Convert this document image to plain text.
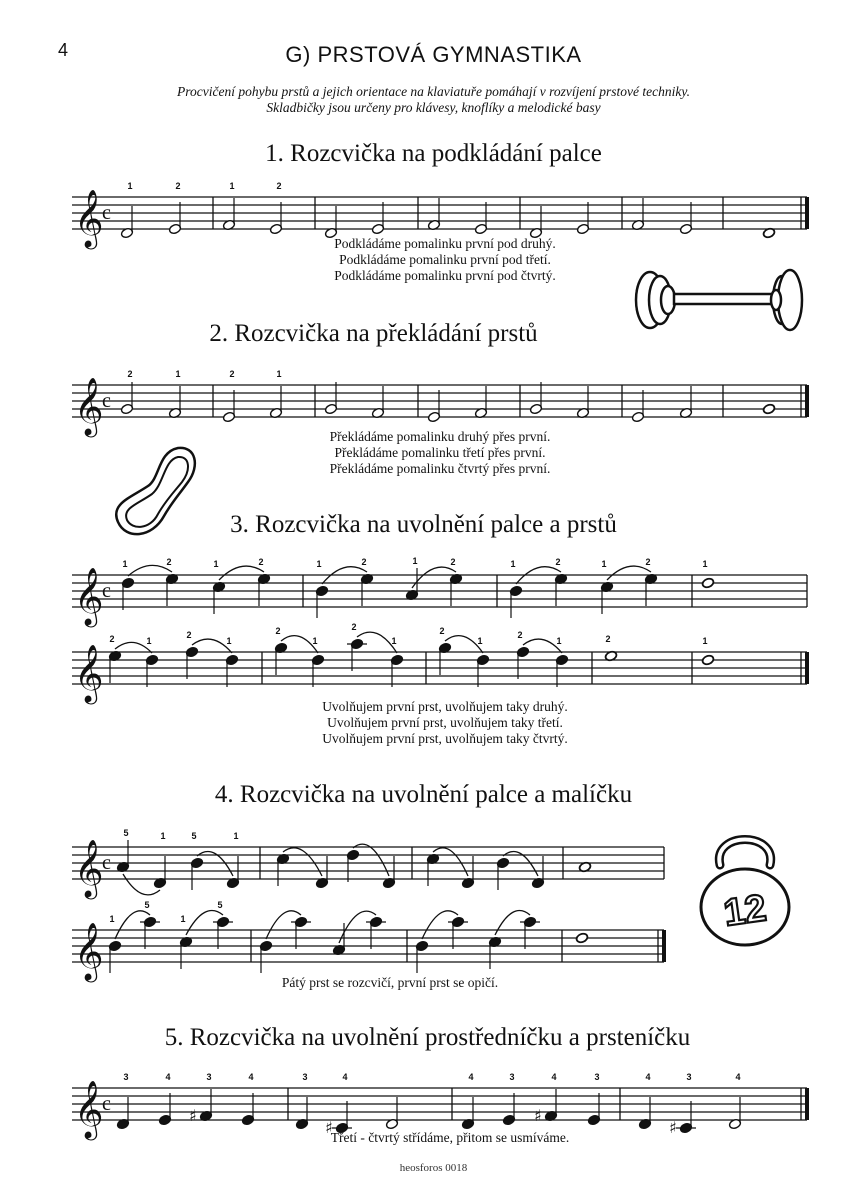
4	G) PRSTOVÁ GYMNASTIKA
Procvičení pohybu prstů a jejich orientace na klaviatuře pomáhají v rozvíjení prstové techniky.
Skladbičky jsou určeny pro klávesy, knoflíky a melodické basy
1. Rozcvička na podkládání palce
𝄞
c
1	2	1	2
Podkládáme pomalinku první pod druhý.
Podkládáme pomalinku první pod třetí.
Podkládáme pomalinku první pod čtvrtý.
2. Rozcvička na překládání prstů
𝄞
c
2	1	2	1
Překládáme pomalinku druhý přes první.
Překládáme pomalinku třetí přes první.
Překládáme pomalinku čtvrtý přes první.
3. Rozcvička na uvolnění palce a prstů
𝄞
c
1	2	1	2	1	2	1	2	1	2	1	2	1
𝄞
2	1
2
1
2
1
2
1
2
1
2
1	2	1
Uvolňujem první prst, uvolňujem taky druhý.
Uvolňujem první prst, uvolňujem taky třetí.
Uvolňujem první prst, uvolňujem taky čtvrtý.
4. Rozcvička na uvolnění palce a malíčku
𝄞
c
5	1	5	1
𝄞
1
5
1
5
Pátý prst se rozcvičí, první prst se opičí.
12
5. Rozcvička na uvolnění prostředníčku a prsteníčku
𝄞
c
3	4
♯
3	4	3
♯
4	4	3
♯
4	3	4
♯
3	4
Třetí - čtvrtý střídáme, přitom se usmíváme.
heosforos 0018
